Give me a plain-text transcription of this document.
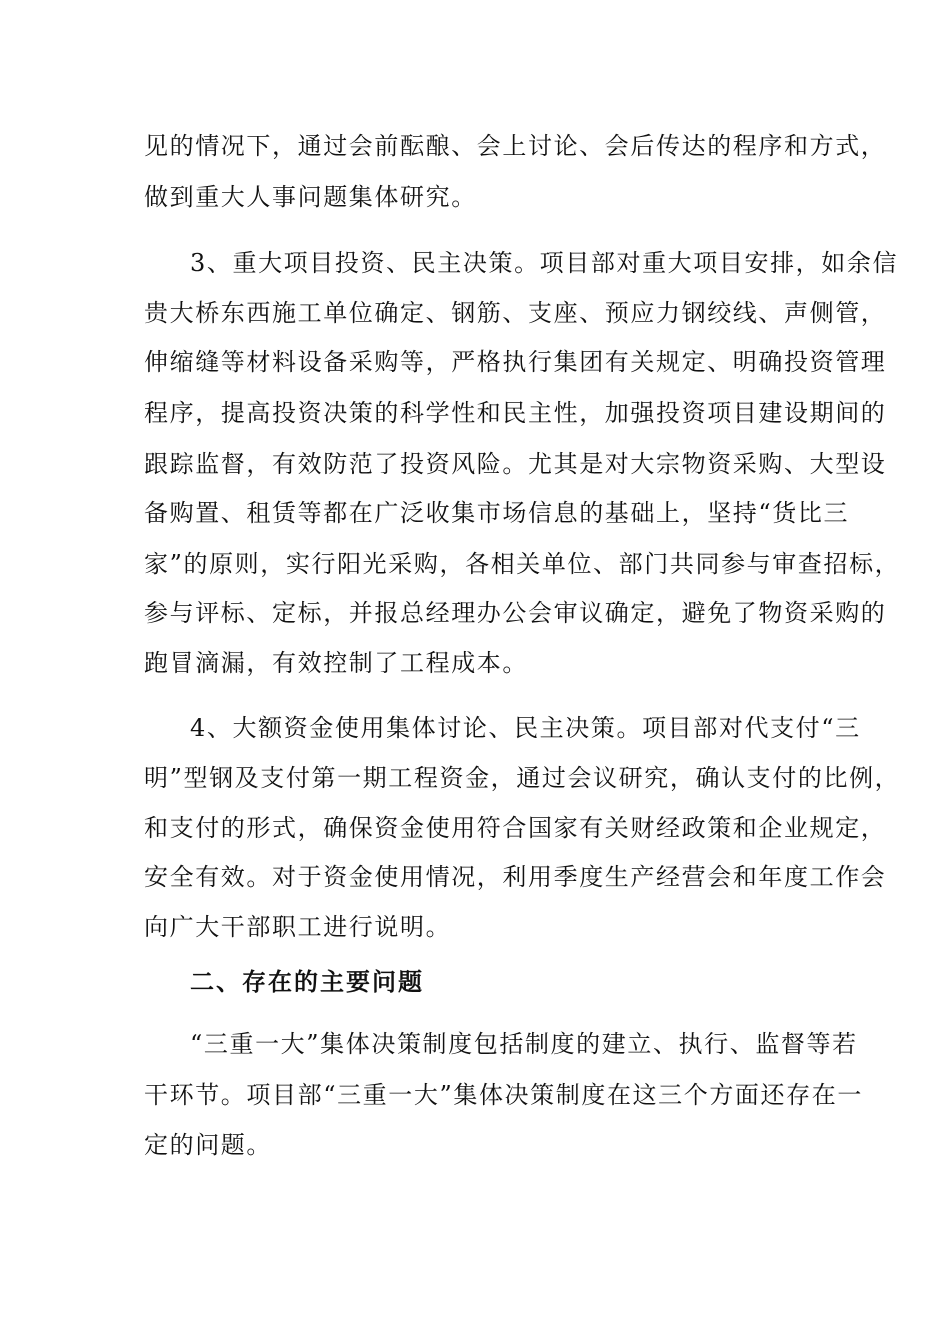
见的情况下，通过会前酝酿、会上讨论、会后传达的程序和方式，
做到重大人事问题集体研究。
3、重大项目投资、民主决策。项目部对重大项目安排，如余信
贵大桥东西施工单位确定、钢筋、支座、预应力钢绞线、声侧管，
伸缩缝等材料设备采购等，严格执行集团有关规定、明确投资管理
程序，提高投资决策的科学性和民主性，加强投资项目建设期间的
跟踪监督，有效防范了投资风险。尤其是对大宗物资采购、大型设
备购置、租赁等都在广泛收集市场信息的基础上，坚持“货比三
家”的原则，实行阳光采购，各相关单位、部门共同参与审查招标，
参与评标、定标，并报总经理办公会审议确定，避免了物资采购的
跑冒滴漏，有效控制了工程成本。
4、大额资金使用集体讨论、民主决策。项目部对代支付“三
明”型钢及支付第一期工程资金，通过会议研究，确认支付的比例，
和支付的形式，确保资金使用符合国家有关财经政策和企业规定，
安全有效。对于资金使用情况，利用季度生产经营会和年度工作会
向广大干部职工进行说明。
二、存在的主要问题
“三重一大”集体决策制度包括制度的建立、执行、监督等若
干环节。项目部“三重一大”集体决策制度在这三个方面还存在一
定的问题。
